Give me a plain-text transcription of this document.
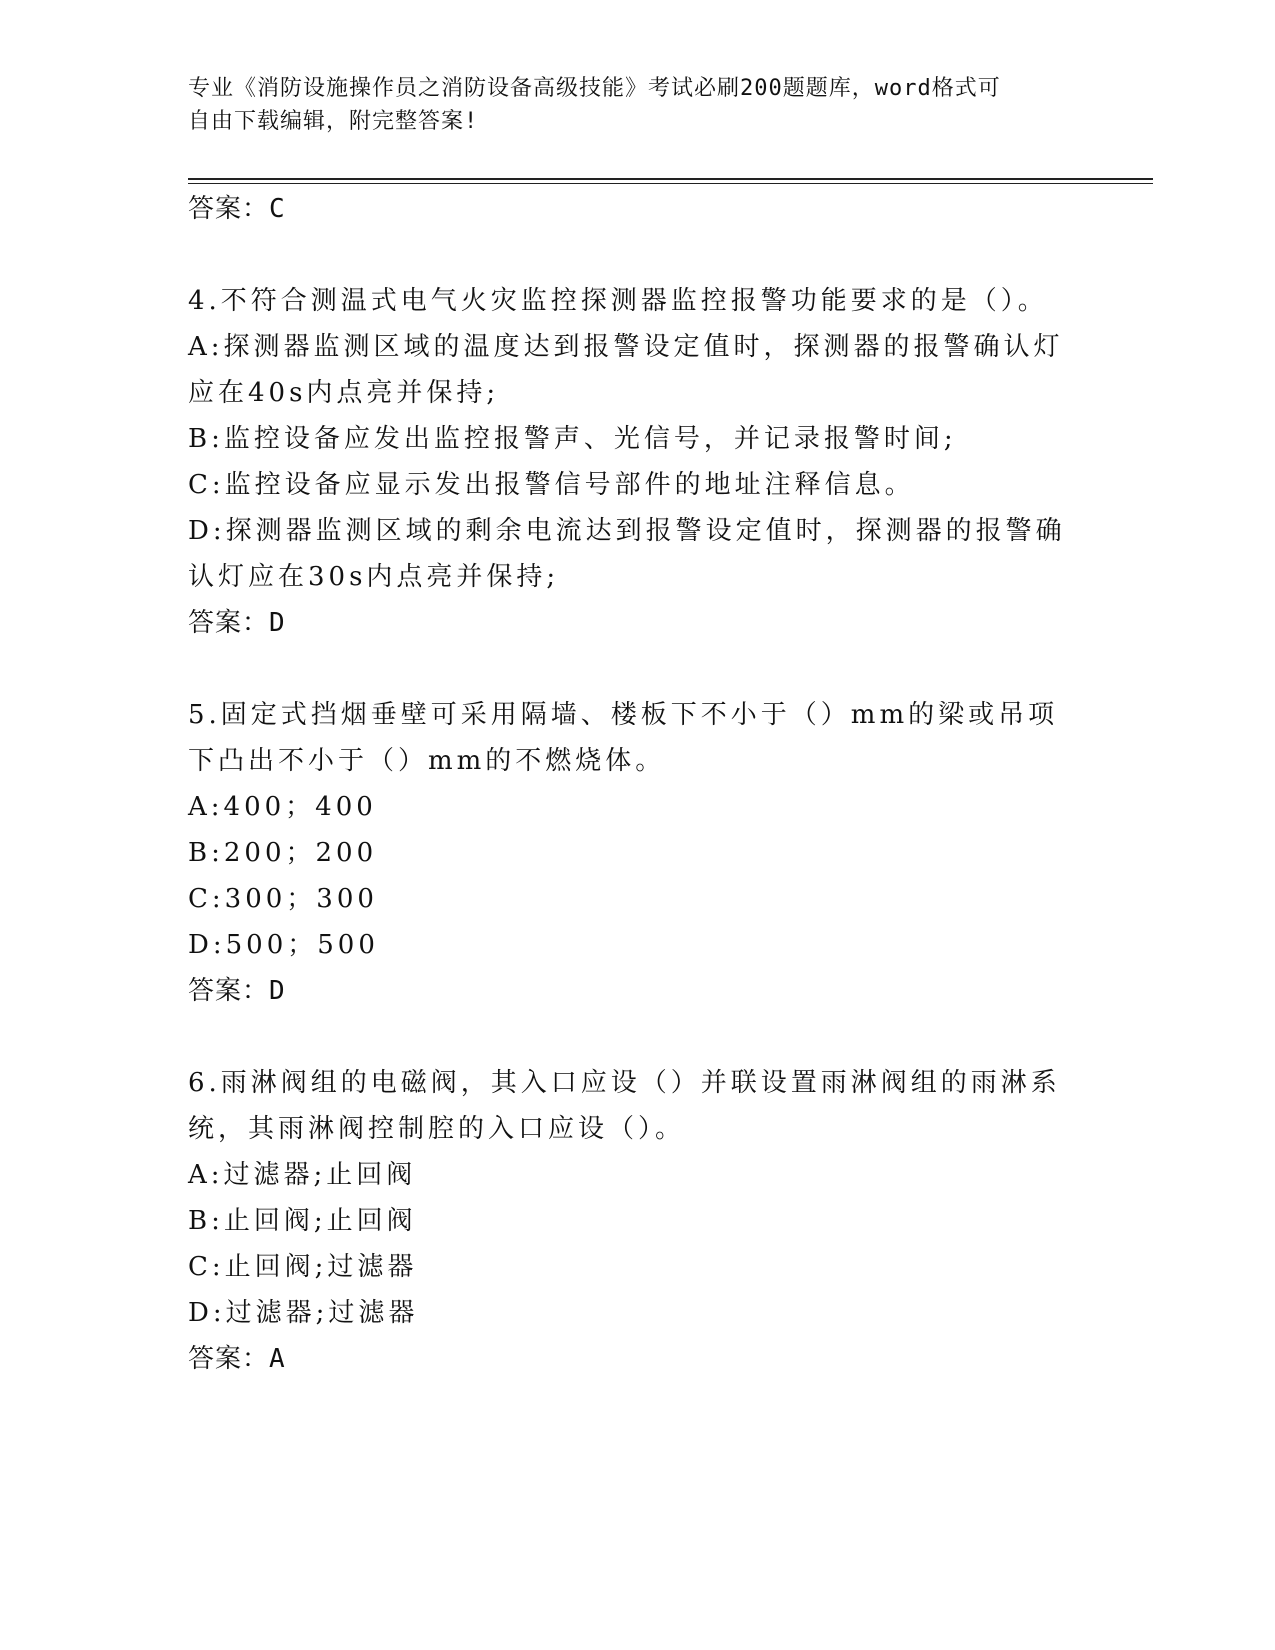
专业《消防设施操作员之消防设备高级技能》考试必刷200题题库，word格式可
自由下载编辑，附完整答案!
答案：C
4.不符合测温式电气火灾监控探测器监控报警功能要求的是（）。
A:探测器监测区域的温度达到报警设定值时，探测器的报警确认灯应在40s内点亮并保持;
B:监控设备应发出监控报警声、光信号，并记录报警时间;
C:监控设备应显示发出报警信号部件的地址注释信息。
D:探测器监测区域的剩余电流达到报警设定值时，探测器的报警确认灯应在30s内点亮并保持;
答案：D
5.固定式挡烟垂壁可采用隔墙、楼板下不小于（）mm的梁或吊项下凸出不小于（）mm的不燃烧体。
A:400；400
B:200；200
C:300；300
D:500；500
答案：D
6.雨淋阀组的电磁阀，其入口应设（）并联设置雨淋阀组的雨淋系统，其雨淋阀控制腔的入口应设（）。
A:过滤器;止回阀
B:止回阀;止回阀
C:止回阀;过滤器
D:过滤器;过滤器
答案：A
